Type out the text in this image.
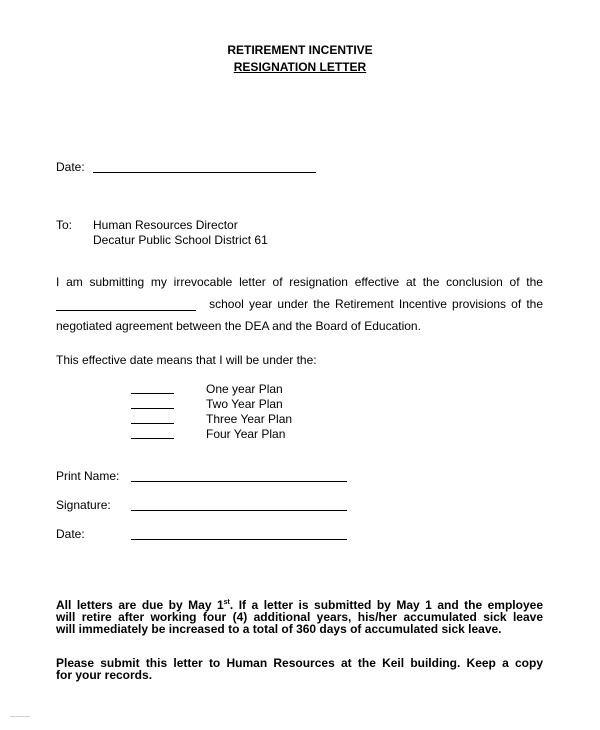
RETIREMENT INCENTIVE
RESIGNATION LETTER
Date:
To: Human Resources Director
Decatur Public School District 61
I am submitting my irrevocable letter of resignation effective at the conclusion of the
school year under the Retirement Incentive provisions of the
negotiated agreement between the DEA and the Board of Education.
This effective date means that I will be under the:
One year Plan
Two Year Plan
Three Year Plan
Four Year Plan
Print Name:
Signature:
Date:
All letters are due by May 1st. If a letter is submitted by May 1 and the employee
will retire after working four (4) additional years, his/her accumulated sick leave
will immediately be increased to a total of 360 days of accumulated sick leave.
Please submit this letter to Human Resources at the Keil building. Keep a copy
for your records.
